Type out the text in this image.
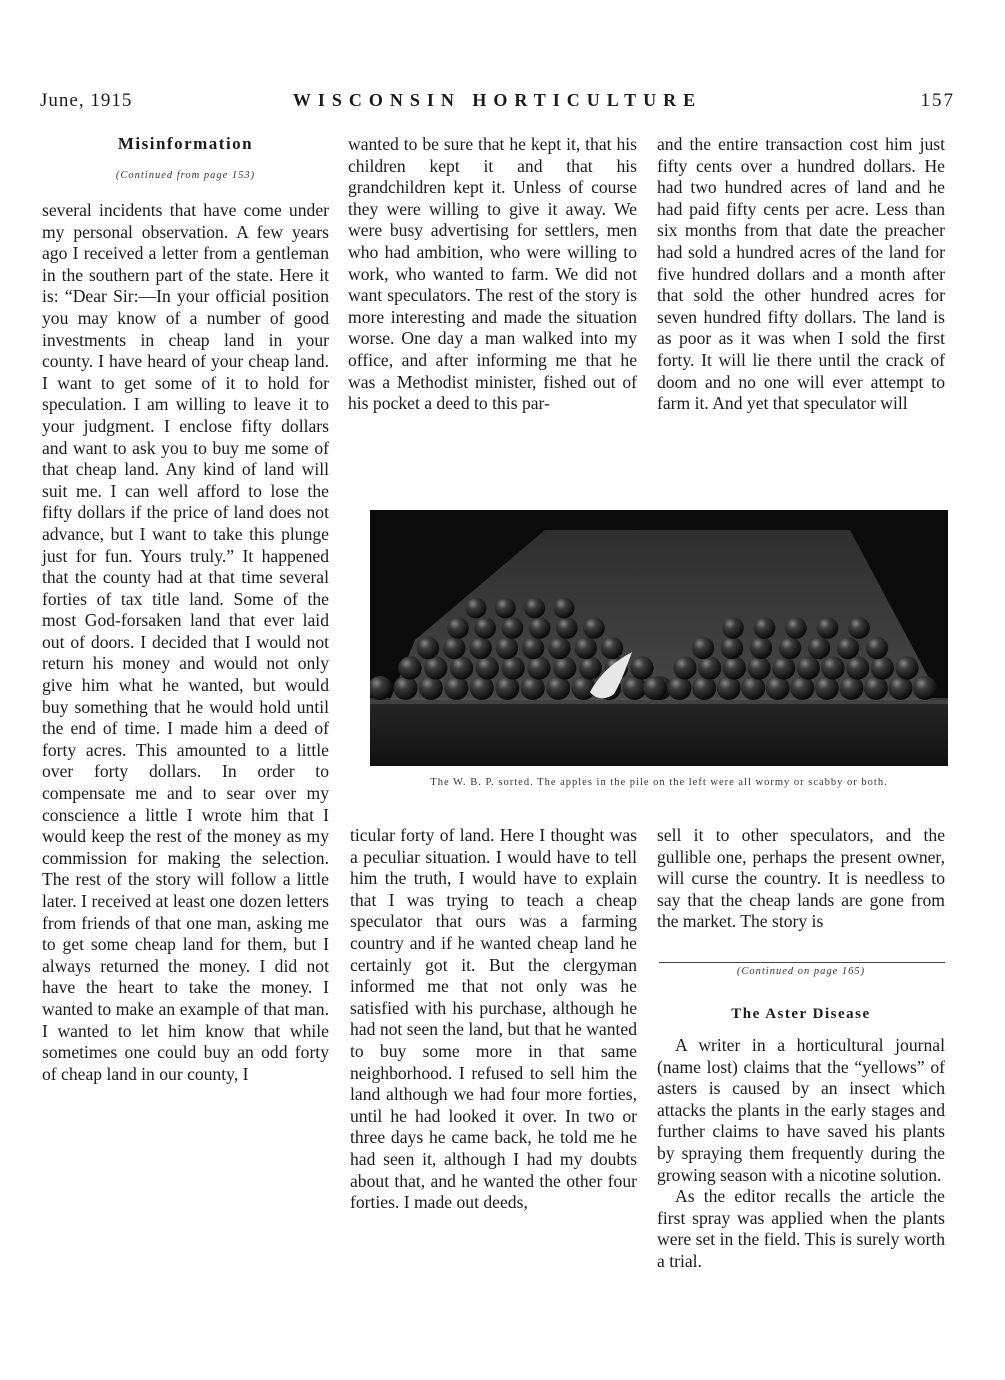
June, 1915	WISCONSIN HORTICULTURE	157
Misinformation
(Continued from page 153)

several incidents that have come under my personal observation. A few years ago I received a letter from a gentleman in the southern part of the state. Here it is: “Dear Sir:—In your official position you may know of a number of good investments in cheap land in your county. I have heard of your cheap land. I want to get some of it to hold for speculation. I am willing to leave it to your judgment. I enclose fifty dollars and want to ask you to buy me some of that cheap land. Any kind of land will suit me. I can well afford to lose the fifty dollars if the price of land does not advance, but I want to take this plunge just for fun. Yours truly.” It happened that the county had at that time several forties of tax title land. Some of the most God-forsaken land that ever laid out of doors. I decided that I would not return his money and would not only give him what he wanted, but would buy something that he would hold until the end of time. I made him a deed of forty acres. This amounted to a little over forty dollars. In order to compensate me and to sear over my conscience a little I wrote him that I would keep the rest of the money as my commission for making the selection. The rest of the story will follow a little later. I received at least one dozen letters from friends of that one man, asking me to get some cheap land for them, but I always returned the money. I did not have the heart to take the money. I wanted to make an example of that man. I wanted to let him know that while sometimes one could buy an odd forty of cheap land in our county, I

wanted to be sure that he kept it, that his children kept it and that his grandchildren kept it. Unless of course they were willing to give it away. We were busy advertising for settlers, men who had ambition, who were willing to work, who wanted to farm. We did not want speculators. The rest of the story is more interesting and made the situation worse. One day a man walked into my office, and after informing me that he was a Methodist minister, fished out of his pocket a deed to this par-

and the entire transaction cost him just fifty cents over a hundred dollars. He had two hundred acres of land and he had paid fifty cents per acre. Less than six months from that date the preacher had sold a hundred acres of the land for five hundred dollars and a month after that sold the other hundred acres for seven hundred fifty dollars. The land is as poor as it was when I sold the first forty. It will lie there until the crack of doom and no one will ever attempt to farm it. And yet that speculator will

The W. B. P. sorted. The apples in the pile on the left were all wormy or scabby or both.

ticular forty of land. Here I thought was a peculiar situation. I would have to tell him the truth, I would have to explain that I was trying to teach a cheap speculator that ours was a farming country and if he wanted cheap land he certainly got it. But the clergyman informed me that not only was he satisfied with his purchase, although he had not seen the land, but that he wanted to buy some more in that same neighborhood. I refused to sell him the land although we had four more forties, until he had looked it over. In two or three days he came back, he told me he had seen it, although I had my doubts about that, and he wanted the other four forties. I made out deeds,

sell it to other speculators, and the gullible one, perhaps the present owner, will curse the country. It is needless to say that the cheap lands are gone from the market. The story is

(Continued on page 165)
The Aster Disease

A writer in a horticultural journal (name lost) claims that the “yellows” of asters is caused by an insect which attacks the plants in the early stages and further claims to have saved his plants by spraying them frequently during the growing season with a nicotine solution.

As the editor recalls the article the first spray was applied when the plants were set in the field. This is surely worth a trial.
